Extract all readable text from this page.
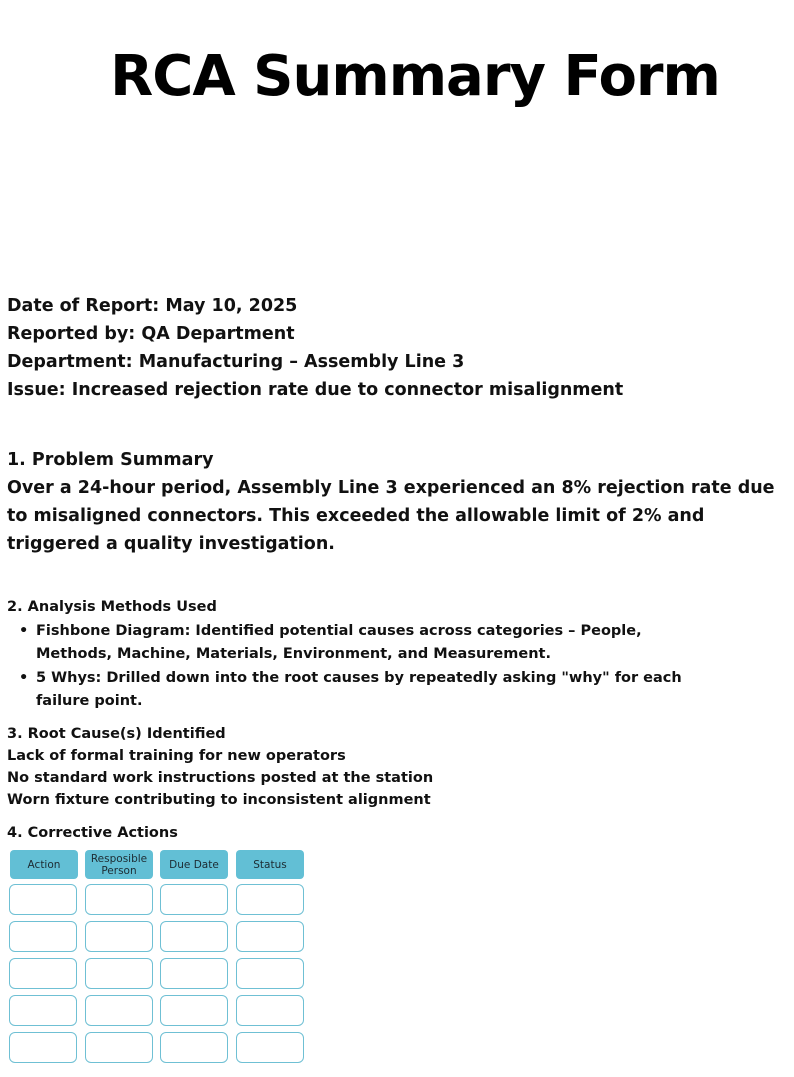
RCA Summary Form
Date of Report: May 10, 2025
Reported by: QA Department
Department: Manufacturing – Assembly Line 3
Issue: Increased rejection rate due to connector misalignment
1. Problem Summary
Over a 24-hour period, Assembly Line 3 experienced an 8% rejection rate due to misaligned connectors. This exceeded the allowable limit of 2% and triggered a quality investigation.
2. Analysis Methods Used
• Fishbone Diagram: Identified potential causes across categories – People, Methods, Machine, Materials, Environment, and Measurement.
• 5 Whys: Drilled down into the root causes by repeatedly asking "why" for each failure point.
3. Root Cause(s) Identified
Lack of formal training for new operators
No standard work instructions posted at the station
Worn fixture contributing to inconsistent alignment
4. Corrective Actions
Action	Resposible Person	Due Date	Status
